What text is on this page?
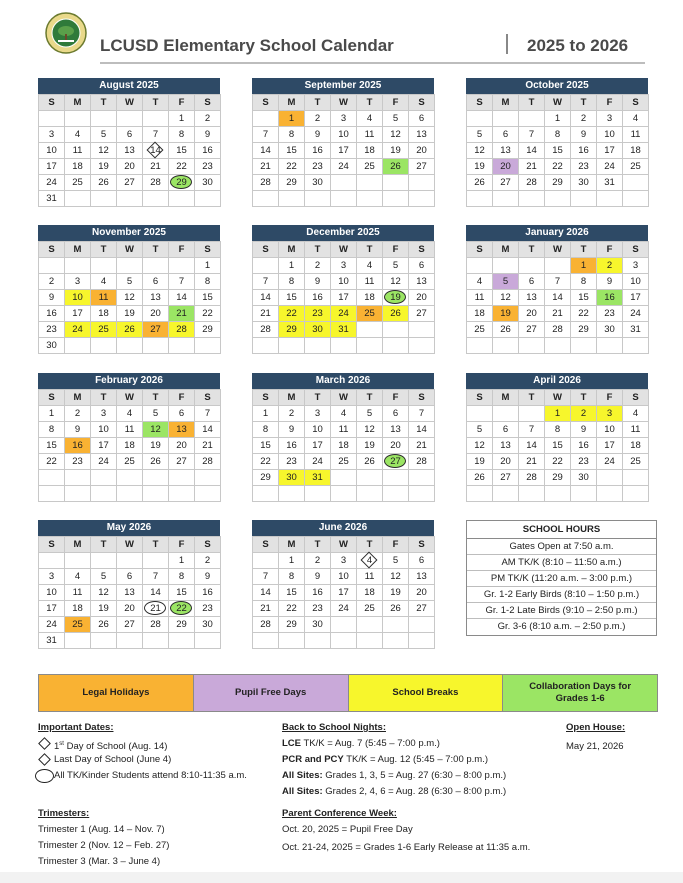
LCUSD Elementary School Calendar	2025 to 2026
August 2025
S	M	T	W	T	F	S
					1	2
3	4	5	6	7	8	9
10	11	12	13	14	15	16
17	18	19	20	21	22	23
24	25	26	27	28	29	30
31						
September 2025
S	M	T	W	T	F	S
	1	2	3	4	5	6
7	8	9	10	11	12	13
14	15	16	17	18	19	20
21	22	23	24	25	26	27
28	29	30				

October 2025
S	M	T	W	T	F	S
			1	2	3	4
5	6	7	8	9	10	11
12	13	14	15	16	17	18
19	20	21	22	23	24	25
26	27	28	29	30	31	

November 2025
S	M	T	W	T	F	S
						1
2	3	4	5	6	7	8
9	10	11	12	13	14	15
16	17	18	19	20	21	22
23	24	25	26	27	28	29
30						
December 2025
S	M	T	W	T	F	S
	1	2	3	4	5	6
7	8	9	10	11	12	13
14	15	16	17	18	19	20
21	22	23	24	25	26	27
28	29	30	31			

January 2026
S	M	T	W	T	F	S
				1	2	3
4	5	6	7	8	9	10
11	12	13	14	15	16	17
18	19	20	21	22	23	24
25	26	27	28	29	30	31

February 2026
S	M	T	W	T	F	S
1	2	3	4	5	6	7
8	9	10	11	12	13	14
15	16	17	18	19	20	21
22	23	24	25	26	27	28

March 2026
S	M	T	W	T	F	S
1	2	3	4	5	6	7
8	9	10	11	12	13	14
15	16	17	18	19	20	21
22	23	24	25	26	27	28
29	30	31				

April 2026
S	M	T	W	T	F	S
			1	2	3	4
5	6	7	8	9	10	11
12	13	14	15	16	17	18
19	20	21	22	23	24	25
26	27	28	29	30		

May 2026
S	M	T	W	T	F	S
					1	2
3	4	5	6	7	8	9
10	11	12	13	14	15	16
17	18	19	20	21	22	23
24	25	26	27	28	29	30
31						
June 2026
S	M	T	W	T	F	S
	1	2	3	4	5	6
7	8	9	10	11	12	13
14	15	16	17	18	19	20
21	22	23	24	25	26	27
28	29	30				

SCHOOL HOURS
Gates Open at 7:50 a.m.
AM TK/K (8:10 – 11:50 a.m.)
PM TK/K (11:20 a.m. – 3:00 p.m.)
Gr. 1-2 Early Birds (8:10 – 1:50 p.m.)
Gr. 1-2 Late Birds (9:10 – 2:50 p.m.)
Gr. 3-6 (8:10 a.m. – 2:50 p.m.)
Legal Holidays	Pupil Free Days	School Breaks
Collaboration Days for Grades 1-6
Important Dates:
1st Day of School (Aug. 14)
Last Day of School (June 4)
All TK/Kinder Students attend 8:10-11:35 a.m.
Trimesters:
Trimester 1 (Aug. 14 – Nov. 7)
Trimester 2 (Nov. 12 – Feb. 27)
Trimester 3 (Mar. 3 – June 4)
Back to School Nights:
LCE TK/K = Aug. 7 (5:45 – 7:00 p.m.)
PCR and PCY TK/K = Aug. 12 (5:45 – 7:00 p.m.)
All Sites: Grades 1, 3, 5 = Aug. 27 (6:30 – 8:00 p.m.)
All Sites: Grades 2, 4, 6 = Aug. 28 (6:30 – 8:00 p.m.)
Parent Conference Week:
Oct. 20, 2025 = Pupil Free Day
Oct. 21-24, 2025 = Grades 1-6 Early Release at 11:35 a.m.
Open House:
May 21, 2026
